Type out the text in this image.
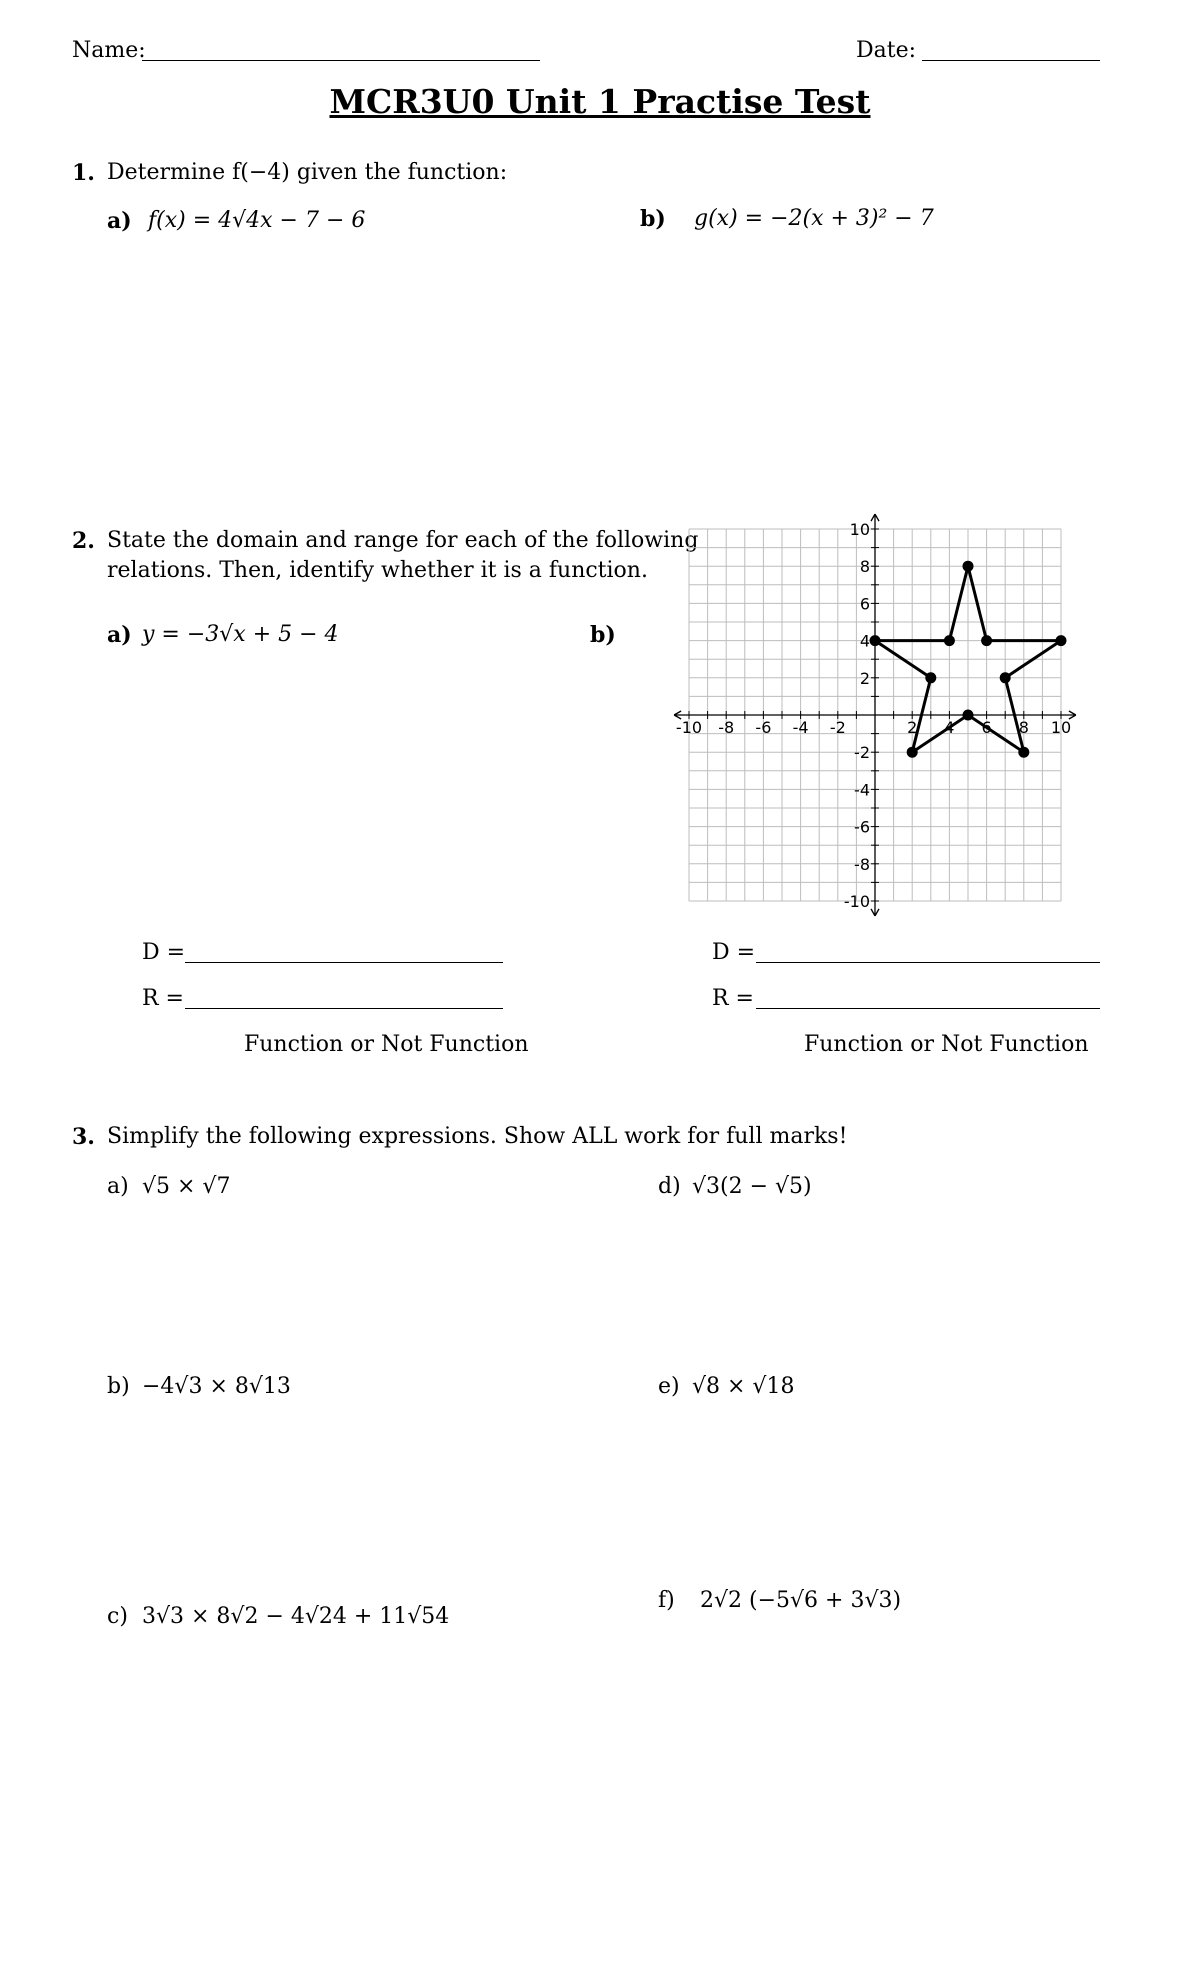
Name:	Date:
MCR3U0 Unit 1 Practise Test
1. Determine f(−4) given the function:
a) f(x) = 4√4x − 7 − 6	b) g(x) = −2(x + 3)² − 7
2. State the domain and range for each of the following
relations. Then, identify whether it is a function.
a) y = −3√x + 5 − 4	b)
-10 -8 -6 -4 -2	2 4 6 8 10
10
8
6
4
2
-2
-4
-6
-8
-10
D =
R =
Function or Not Function
D =
R =
Function or Not Function
3. Simplify the following expressions. Show ALL work for full marks!
a) √5 × √7	d) √3(2 − √5)
b) −4√3 × 8√13	e) √8 × √18
c) 3√3 × 8√2 − 4√24 + 11√54
f) 2√2 (−5√6 + 3√3)
